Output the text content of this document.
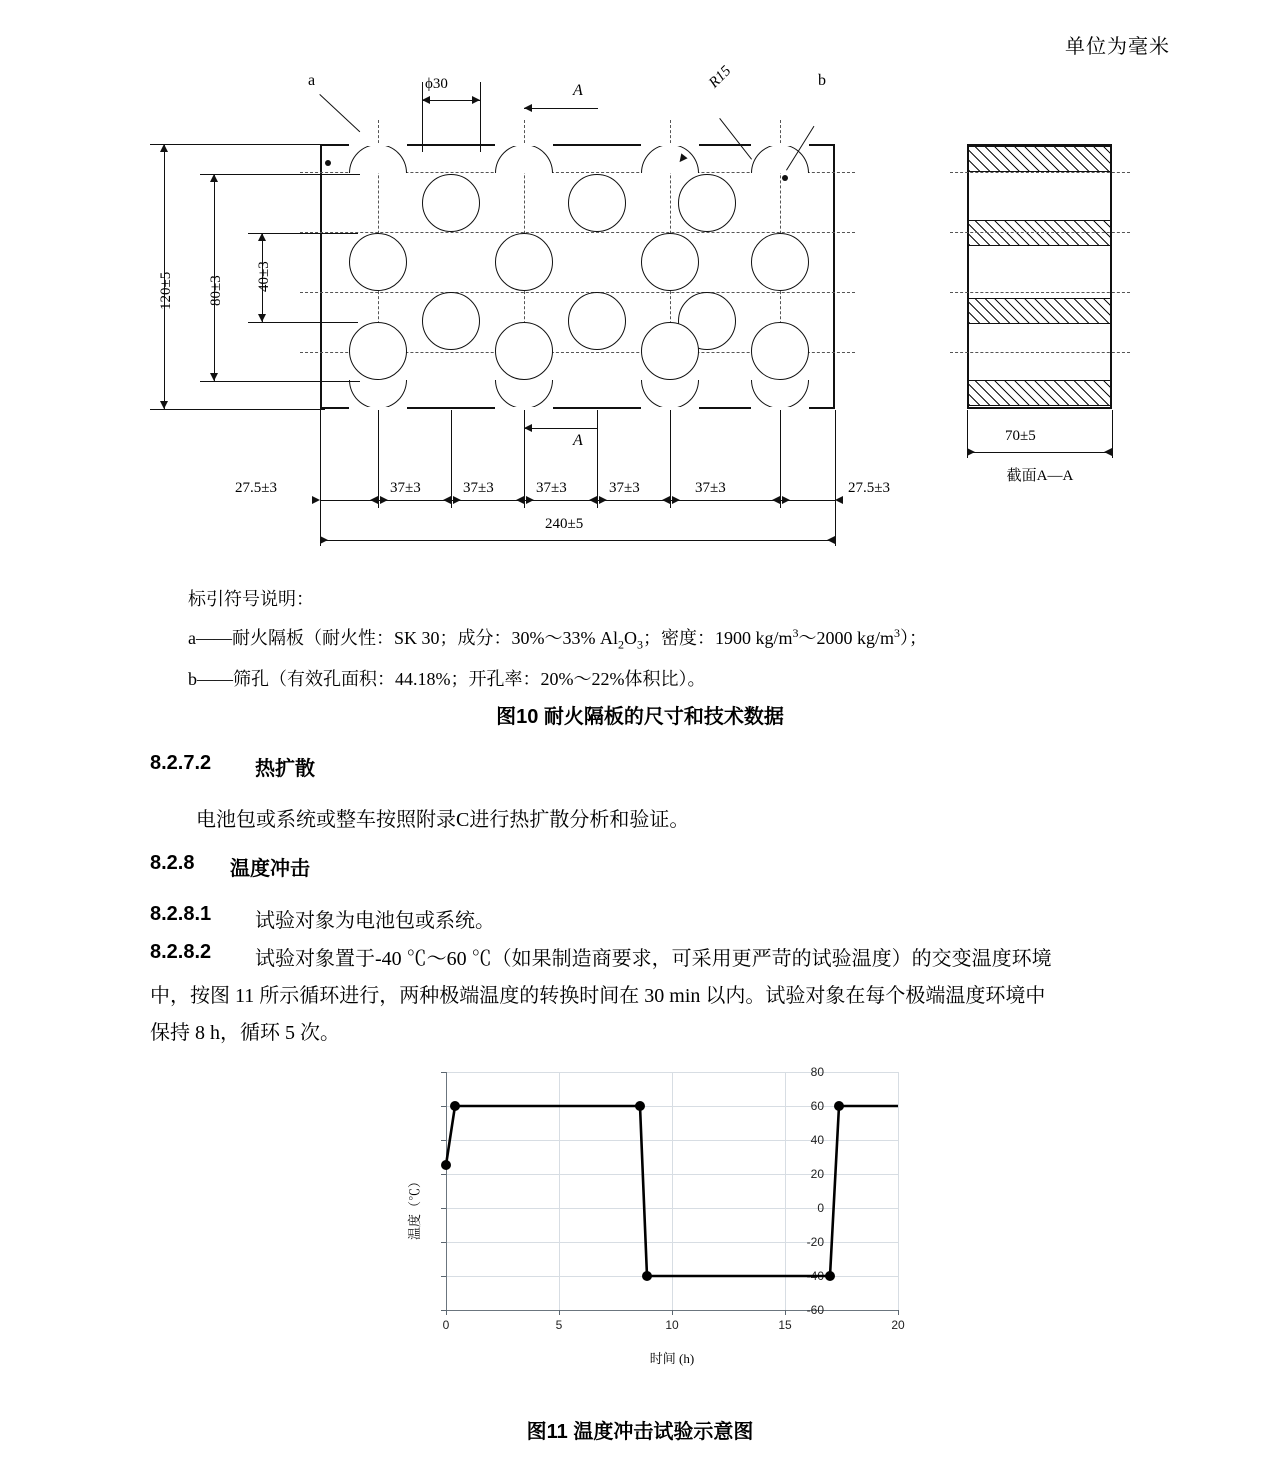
单位为毫米
ϕ30	A
A
R15
a	b
120±5 80±3 40±3
27.5±3	37±3	37±3	37±3	37±3	37±3	27.5±3
240±5
70±5
截面A—A
标引符号说明：
a——耐火隔板（耐火性：SK 30；成分：30%～33% $Al_2O_3$；密度：1900 $kg/m^3\sim 2000$ $kg/m^3$）；
b——筛孔（有效孔面积：44.18%；开孔率：20%～22%体积比）。
图10 耐火隔板的尺寸和技术数据
8.2.7.2 热扩散
电池包或系统或整车按照附录C进行热扩散分析和验证。
8.2.8 温度冲击
8.2.8.1 试验对象为电池包或系统。
8.2.8.2 试验对象置于-40 ℃～60 ℃（如果制造商要求，可采用更严苛的试验温度）的交变温度环境
中，按图 11 所示循环进行，两种极端温度的转换时间在 30 min 以内。试验对象在每个极端温度环境中
保持 8 h，循环 5 次。
80
60
40
20
0
-20
-40
-60
0	5	10	15	20
温度（℃）
时间 (h)
图11 温度冲击试验示意图
